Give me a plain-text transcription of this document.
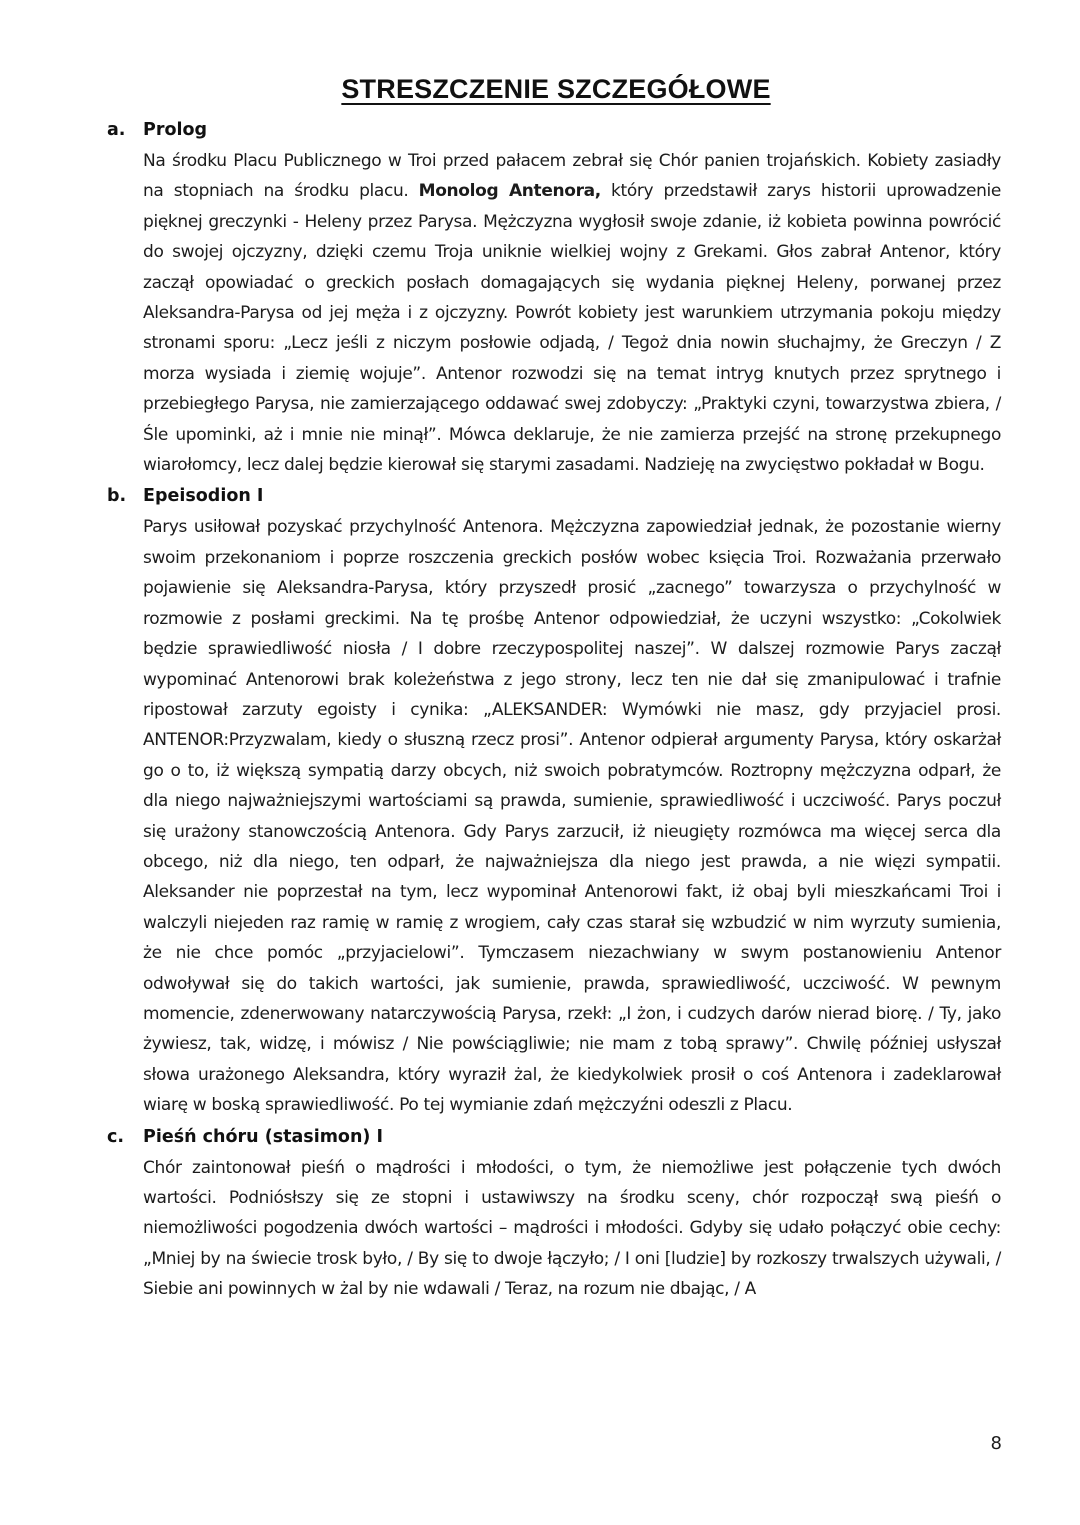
STRESZCZENIE SZCZEGÓŁOWE
a.	Prolog

Na środku Placu Publicznego w Troi przed pałacem zebrał się Chór panien trojańskich. Kobiety zasiadły na stopniach na środku placu. Monolog Antenora, który przedstawił zarys historii uprowadzenie pięknej greczynki - Heleny przez Parysa. Mężczyzna wygłosił swoje zdanie, iż kobieta powinna powrócić do swojej ojczyzny, dzięki czemu Troja uniknie wielkiej wojny z Grekami. Głos zabrał Antenor, który zaczął opowiadać o greckich posłach domagających się wydania pięknej Heleny, porwanej przez Aleksandra-Parysa od jej męża i z ojczyzny. Powrót kobiety jest warunkiem utrzymania pokoju między stronami sporu: „Lecz jeśli z niczym posłowie odjadą, / Tegoż dnia nowin słuchajmy, że Greczyn / Z morza wysiada i ziemię wojuje”. Antenor rozwodzi się na temat intryg knutych przez sprytnego i przebiegłego Parysa, nie zamierzającego oddawać swej zdobyczy: „Praktyki czyni, towarzystwa zbiera, / Śle upominki, aż i mnie nie minął”. Mówca deklaruje, że nie zamierza przejść na stronę przekupnego wiarołomcy, lecz dalej będzie kierował się starymi zasadami. Nadzieję na zwycięstwo pokładał w Bogu.

b. Epeisodion I

Parys usiłował pozyskać przychylność Antenora. Mężczyzna zapowiedział jednak, że pozostanie wierny swoim przekonaniom i poprze roszczenia greckich posłów wobec księcia Troi. Rozważania przerwało pojawienie się Aleksandra-Parysa, który przyszedł prosić „zacnego” towarzysza o przychylność w rozmowie z posłami greckimi. Na tę prośbę Antenor odpowiedział, że uczyni wszystko: „Cokolwiek będzie sprawiedliwość niosła / I dobre rzeczypospolitej naszej”. W dalszej rozmowie Parys zaczął wypominać Antenorowi brak koleżeństwa z jego strony, lecz ten nie dał się zmanipulować i trafnie ripostował zarzuty egoisty i cynika: „ALEKSANDER: Wymówki nie masz, gdy przyjaciel prosi. ANTENOR:Przyzwalam, kiedy o słuszną rzecz prosi”. Antenor odpierał argumenty Parysa, który oskarżał go o to, iż większą sympatią darzy obcych, niż swoich pobratymców. Roztropny mężczyzna odparł, że dla niego najważniejszymi wartościami są prawda, sumienie, sprawiedliwość i uczciwość. Parys poczuł się urażony stanowczością Antenora. Gdy Parys zarzucił, iż nieugięty rozmówca ma więcej serca dla obcego, niż dla niego, ten odparł, że najważniejsza dla niego jest prawda, a nie więzi sympatii. Aleksander nie poprzestał na tym, lecz wypominał Antenorowi fakt, iż obaj byli mieszkańcami Troi i walczyli niejeden raz ramię w ramię z wrogiem, cały czas starał się wzbudzić w nim wyrzuty sumienia, że nie chce pomóc „przyjacielowi”. Tymczasem niezachwiany w swym postanowieniu Antenor odwoływał się do takich wartości, jak sumienie, prawda, sprawiedliwość, uczciwość. W pewnym momencie, zdenerwowany natarczywością Parysa, rzekł: „I żon, i cudzych darów nierad biorę. / Ty, jako żywiesz, tak, widzę, i mówisz / Nie powściągliwie; nie mam z tobą sprawy”. Chwilę później usłyszał słowa urażonego Aleksandra, który wyraził żal, że kiedykolwiek prosił o coś Antenora i zadeklarował wiarę w boską sprawiedliwość. Po tej wymianie zdań mężczyźni odeszli z Placu.

c.	Pieśń chóru (stasimon) I

Chór zaintonował pieśń o mądrości i młodości, o tym, że niemożliwe jest połączenie tych dwóch wartości. Podniósłszy się ze stopni i ustawiwszy na środku sceny, chór rozpoczął swą pieśń o niemożliwości pogodzenia dwóch wartości – mądrości i młodości. Gdyby się udało połączyć obie cechy: „Mniej by na świecie trosk było, / By się to dwoje łączyło; / I oni [ludzie] by rozkoszy trwalszych używali, / Siebie ani powinnych w żal by nie wdawali / Teraz, na rozum nie dbając, / A

8
